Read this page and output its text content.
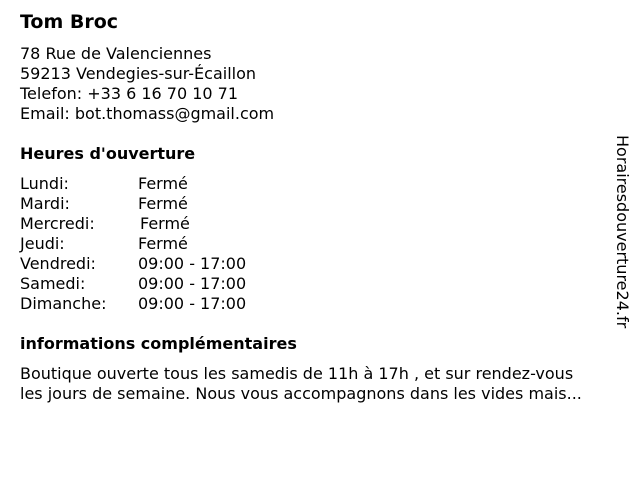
Tom Broc
78 Rue de Valenciennes
59213 Vendegies-sur-Écaillon
Telefon: +33 6 16 70 10 71
Email: bot.thomass@gmail.com
Heures d'ouverture
Lundi:	Fermé
Mardi:	Fermé
Mercredi:	Fermé
Jeudi:	Fermé
Vendredi:	09:00 - 17:00
Samedi:	09:00 - 17:00
Dimanche: 09:00 - 17:00
informations complémentaires
Boutique ouverte tous les samedis de 11h à 17h , et sur rendez-vous
les jours de semaine. Nous vous accompagnons dans les vides mais...
Horairesdouverture24.fr
